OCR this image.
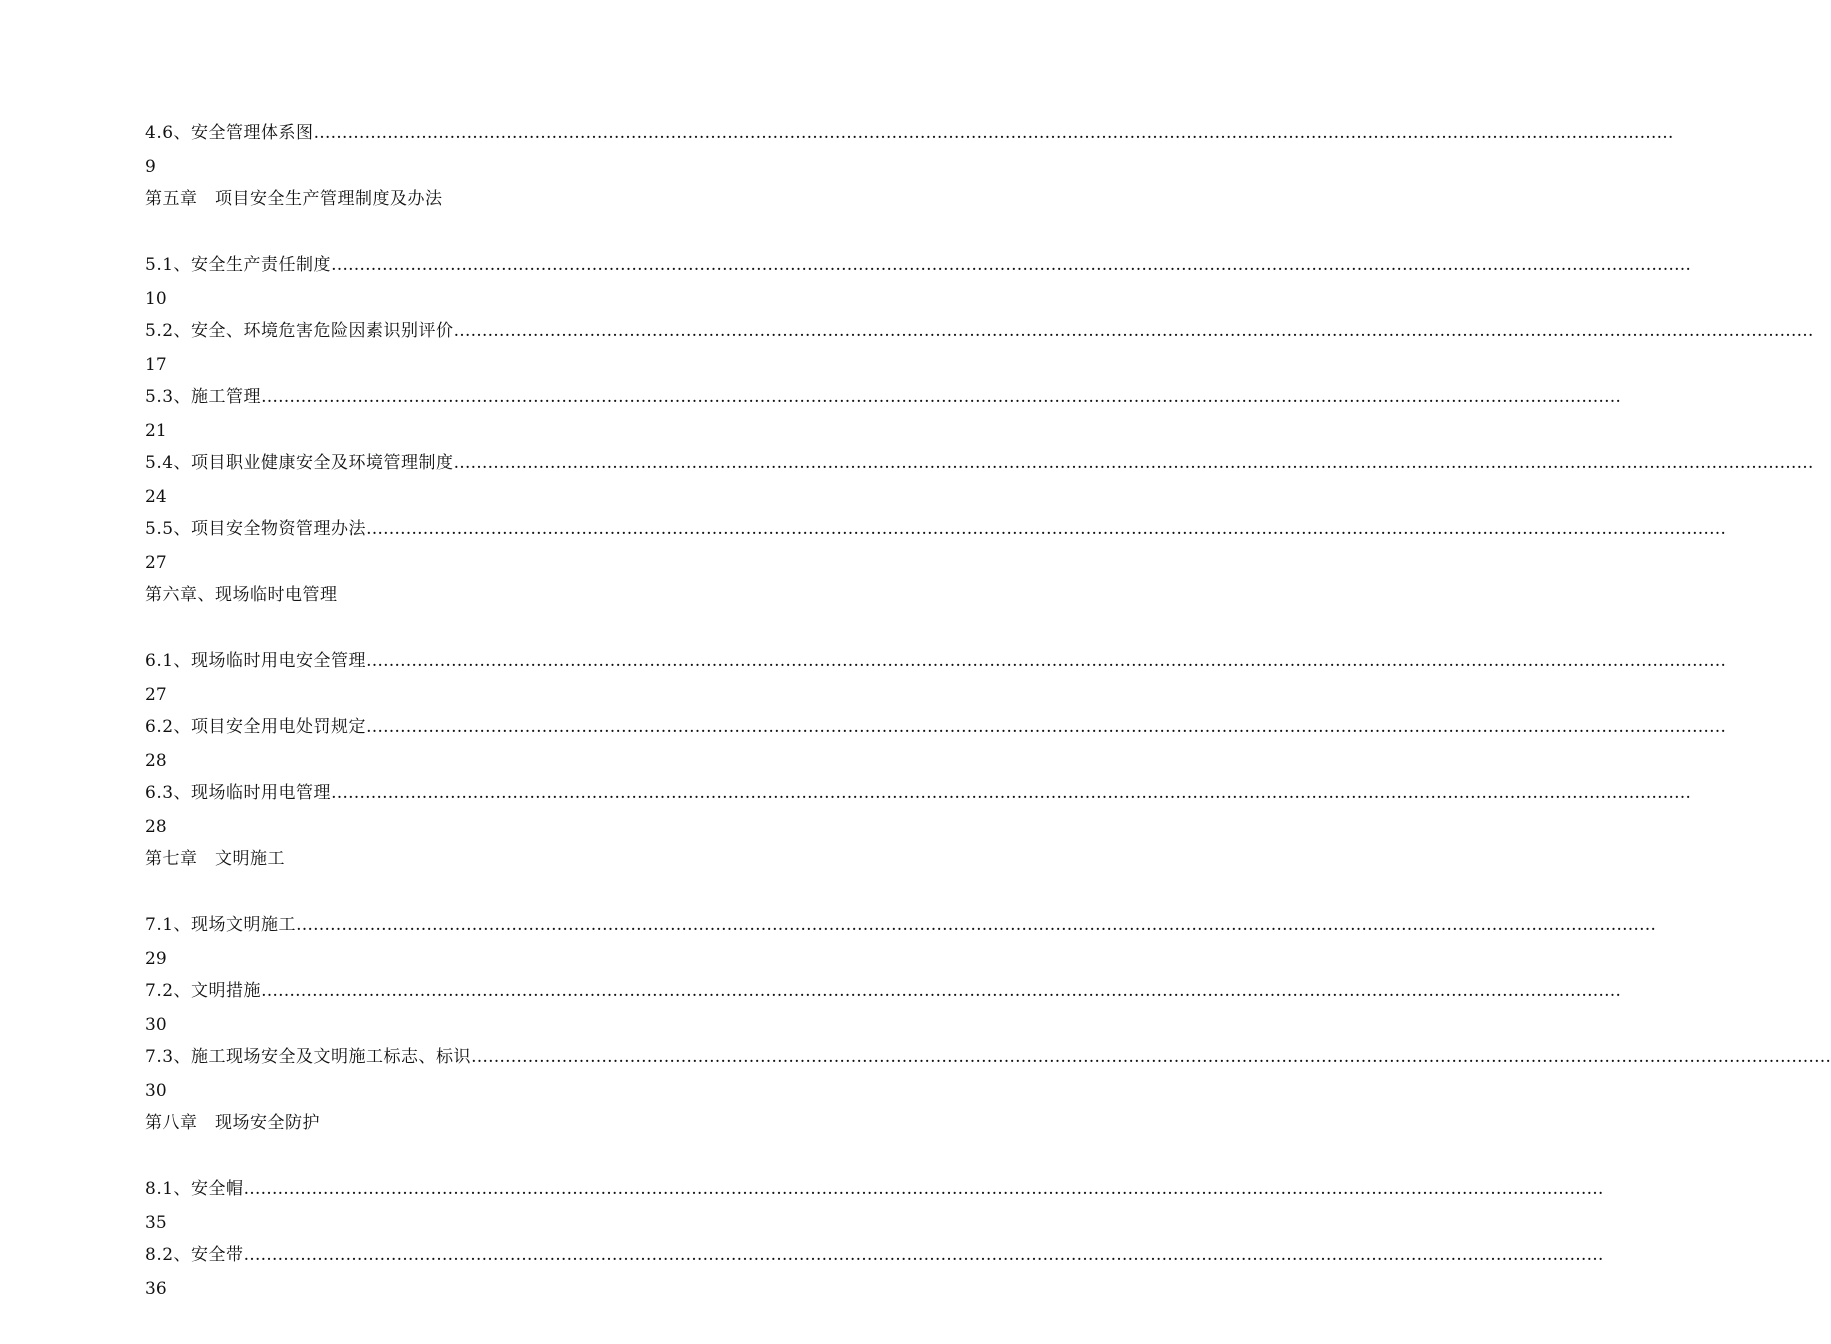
4.6、安全管理体系图 ……………………………………………………………………………………………………………………………………………………………………………………………………………………
9
第五章　项目安全生产管理制度及办法
5.1、安全生产责任制度 ……………………………………………………………………………………………………………………………………………………………………………………………………………………
10
5.2、安全、环境危害危险因素识别评价 ……………………………………………………………………………………………………………………………………………………………………………………………………………………
17
5.3、施工管理 ……………………………………………………………………………………………………………………………………………………………………………………………………………………
21
5.4、项目职业健康安全及环境管理制度 ……………………………………………………………………………………………………………………………………………………………………………………………………………………
24
5.5、项目安全物资管理办法 ……………………………………………………………………………………………………………………………………………………………………………………………………………………
27
第六章、现场临时电管理
6.1、现场临时用电安全管理 ……………………………………………………………………………………………………………………………………………………………………………………………………………………
27
6.2、项目安全用电处罚规定 ……………………………………………………………………………………………………………………………………………………………………………………………………………………
28
6.3、现场临时用电管理 ……………………………………………………………………………………………………………………………………………………………………………………………………………………
28
第七章　文明施工
7.1、现场文明施工 ……………………………………………………………………………………………………………………………………………………………………………………………………………………
29
7.2、文明措施 ……………………………………………………………………………………………………………………………………………………………………………………………………………………
30
7.3、施工现场安全及文明施工标志、标识 ……………………………………………………………………………………………………………………………………………………………………………………………………………………
30
第八章　现场安全防护
8.1、安全帽 ……………………………………………………………………………………………………………………………………………………………………………………………………………………
35
8.2、安全带 ……………………………………………………………………………………………………………………………………………………………………………………………………………………
36
